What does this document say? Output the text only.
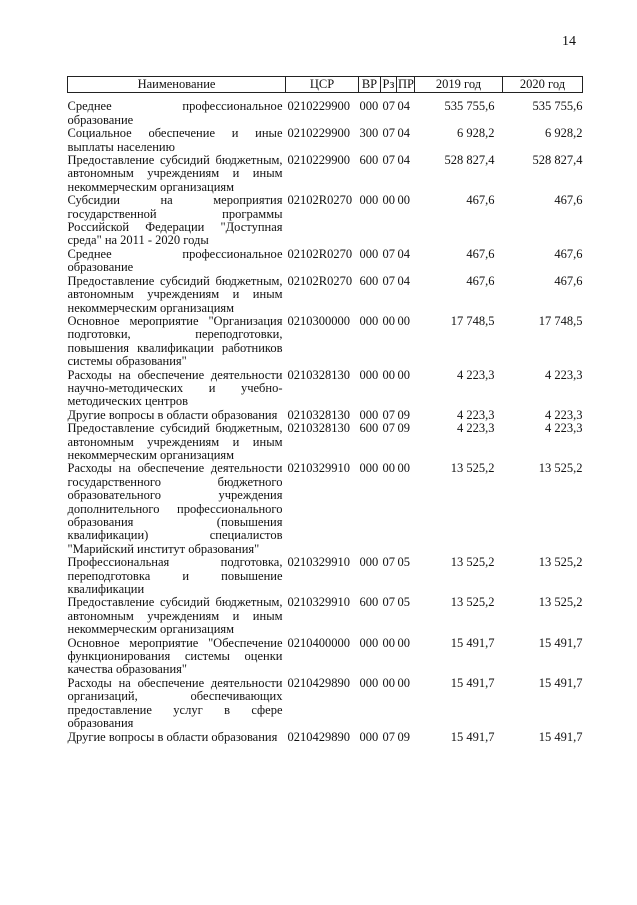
14
Наименование	ЦСР	ВР	Рз	ПР	2019 год	2020 год
Среднее профессиональное образование	0210229900	000	07	04	535 755,6	535 755,6
Социальное обеспечение и иные выплаты населению	0210229900	300	07	04	6 928,2	6 928,2
Предоставление субсидий бюджетным, автономным учреждениям и иным некоммерческим организациям	0210229900	600	07	04	528 827,4	528 827,4
Субсидии на мероприятия государственной программы Российской Федерации "Доступная среда" на 2011 - 2020 годы	02102R0270	000	00	00	467,6	467,6
Среднее профессиональное образование	02102R0270	000	07	04	467,6	467,6
Предоставление субсидий бюджетным, автономным учреждениям и иным некоммерческим организациям	02102R0270	600	07	04	467,6	467,6
Основное мероприятие "Организация подготовки, переподготовки, повышения квалификации работников системы образования"	0210300000	000	00	00	17 748,5	17 748,5
Расходы на обеспечение деятельности научно-методических и учебно-методических центров	0210328130	000	00	00	4 223,3	4 223,3
Другие вопросы в области образования	0210328130	000	07	09	4 223,3	4 223,3
Предоставление субсидий бюджетным, автономным учреждениям и иным некоммерческим организациям	0210328130	600	07	09	4 223,3	4 223,3
Расходы на обеспечение деятельности государственного бюджетного образовательного учреждения дополнительного профессионального образования (повышения квалификации) специалистов "Марийский институт образования"	0210329910	000	00	00	13 525,2	13 525,2
Профессиональная подготовка, переподготовка и повышение квалификации	0210329910	000	07	05	13 525,2	13 525,2
Предоставление субсидий бюджетным, автономным учреждениям и иным некоммерческим организациям	0210329910	600	07	05	13 525,2	13 525,2
Основное мероприятие "Обеспечение функционирования системы оценки качества образования"	0210400000	000	00	00	15 491,7	15 491,7
Расходы на обеспечение деятельности организаций, обеспечивающих предоставление услуг в сфере образования	0210429890	000	00	00	15 491,7	15 491,7
Другие вопросы в области образования	0210429890	000	07	09	15 491,7	15 491,7
